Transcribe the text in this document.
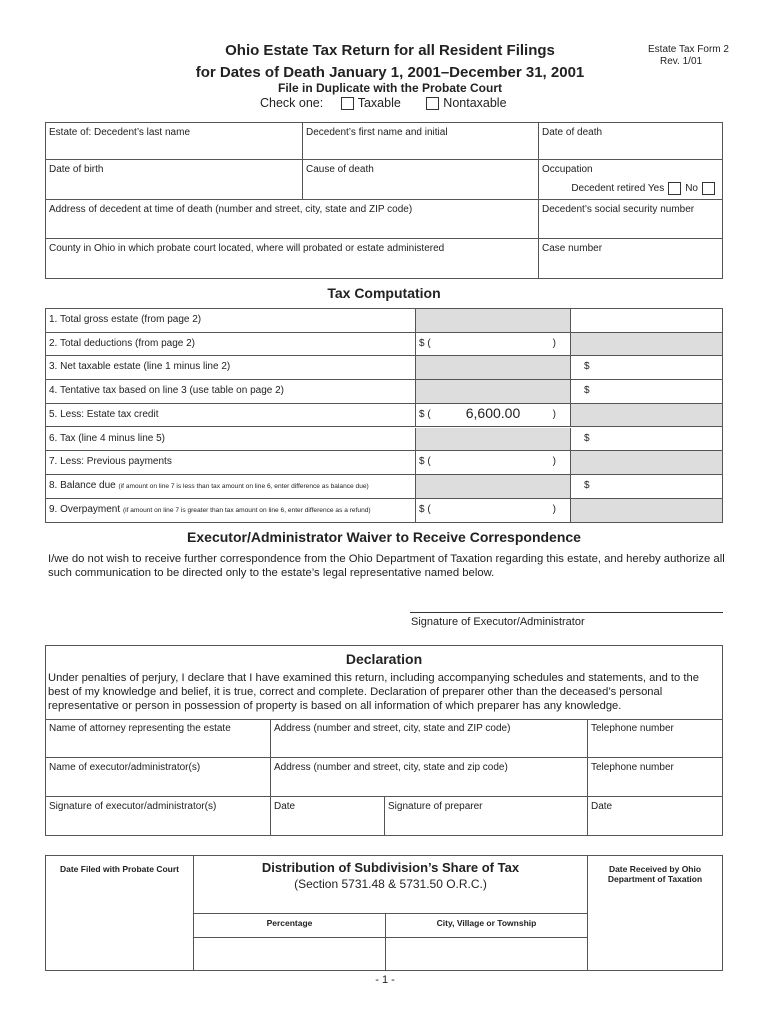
Ohio Estate Tax Return for all Resident Filings
for Dates of Death January 1, 2001–December 31, 2001
File in Duplicate with the Probate Court
Estate Tax Form 2
Rev. 1/01
Check one:	Taxable	Nontaxable
Estate of: Decedent’s last name	Decedent’s first name and initial	Date of death
Date of birth	Cause of death	Occupation
Decedent retired Yes No
Address of decedent at time of death (number and street, city, state and ZIP code)	Decedent’s social security number
County in Ohio in which probate court located, where will probated or estate administered	Case number
Tax Computation
1. Total gross estate (from page 2)
2. Total deductions (from page 2)	$ (	)
3. Net taxable estate (line 1 minus line 2)	$
4. Tentative tax based on line 3 (use table on page 2)	$
5. Less: Estate tax credit	$ (	6,600.00	)
6. Tax (line 4 minus line 5)	$
7. Less: Previous payments	$ (	)
8. Balance due (if amount on line 7 is less than tax amount on line 6, enter difference as balance due)	$
9. Overpayment (if amount on line 7 is greater than tax amount on line 6, enter difference as a refund)	$ (	)
Executor/Administrator Waiver to Receive Correspondence

I/we do not wish to receive further correspondence from the Ohio Department of Taxation regarding this estate, and hereby authorize all such communication to be directed only to the estate’s legal representative named below.

Signature of Executor/Administrator
Declaration

Under penalties of perjury, I declare that I have examined this return, including accompanying schedules and statements, and to the best of my knowledge and belief, it is true, correct and complete. Declaration of preparer other than the deceased’s personal representative or person in possession of property is based on all information of which preparer has any knowledge.

Name of attorney representing the estate	Address (number and street, city, state and ZIP code)	Telephone number
Name of executor/administrator(s)	Address (number and street, city, state and zip code)	Telephone number
Signature of executor/administrator(s)	Date	Signature of preparer	Date
Date Filed with Probate Court	Distribution of Subdivision’s Share of Tax
(Section 5731.48 & 5731.50 O.R.C.)
Percentage	City, Village or Township
Date Received by Ohio Department of Taxation
- 1 -
